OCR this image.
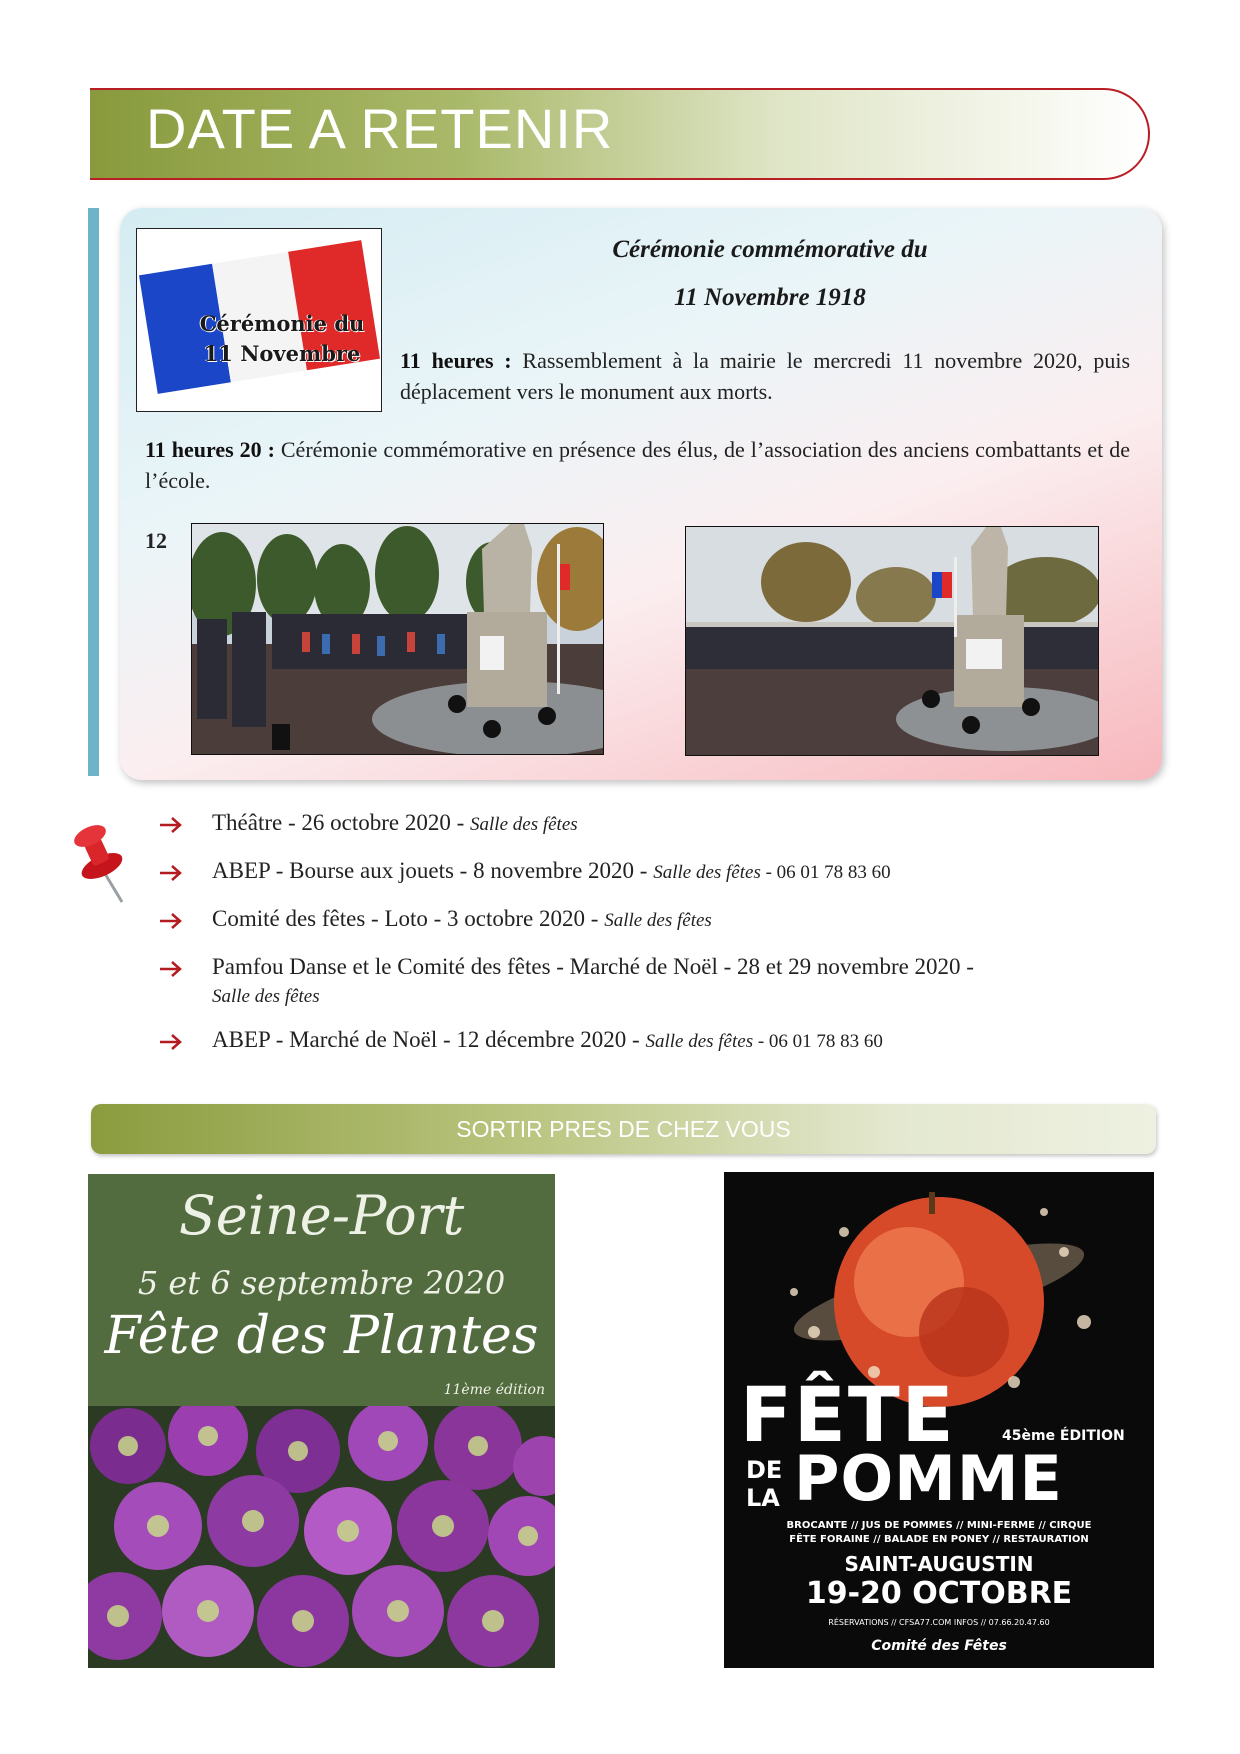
DATE A RETENIR
Cérémonie du
11 Novembre
Cérémonie commémorative du
11 Novembre 1918
11 heures : Rassemblement à la mairie le mercredi 11 novembre 2020, puis déplacement vers le monument aux morts.
11 heures 20 : Cérémonie commémorative en présence des élus, de l’association des anciens combattants et de l’école.
12
Théâtre - 26 octobre 2020 - Salle des fêtes
ABEP - Bourse aux jouets - 8 novembre 2020 - Salle des fêtes - 06 01 78 83 60
Comité des fêtes - Loto - 3 octobre 2020 - Salle des fêtes
Pamfou Danse et le Comité des fêtes - Marché de Noël - 28 et 29 novembre 2020 -
Salle des fêtes
ABEP - Marché de Noël - 12 décembre 2020 - Salle des fêtes - 06 01 78 83 60
SORTIR PRES DE CHEZ VOUS
Seine-Port
5 et 6 septembre 2020
Fête des Plantes
11ème édition	FÊTE
DE
LA POMME
45ème ÉDITION
BROCANTE // JUS DE POMMES // MINI-FERME // CIRQUE
FÊTE FORAINE // BALADE EN PONEY // RESTAURATION
SAINT-AUGUSTIN
19-20 OCTOBRE
RÉSERVATIONS // CFSA77.COM INFOS // 07.66.20.47.60
Comité des Fêtes
